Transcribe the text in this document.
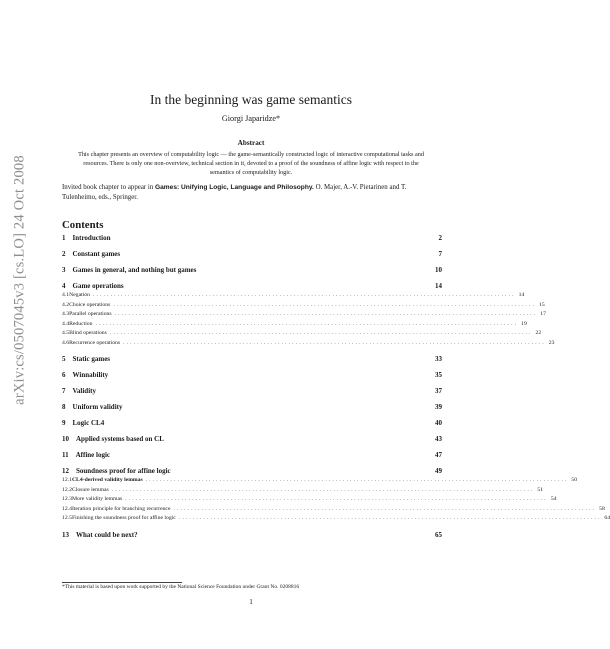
arXiv:cs/0507045v3 [cs.LO] 24 Oct 2008
In the beginning was game semantics
Giorgi Japaridze*
Abstract
This chapter presents an overview of computability logic — the game-semantically constructed logic of interactive computational tasks and resources. There is only one non-overview, technical section in it, devoted to a proof of the soundness of affine logic with respect to the semantics of computability logic.
Invited book chapter to appear in Games: Unifying Logic, Language and Philosophy. O. Majer, A.-V. Pietarinen and T. Tulenheimo, eds., Springer.
Contents
1  Introduction	2
2  Constant games	7
3  Games in general, and nothing but games	10
4  Game operations	14
4.1 Negation ........................................................................................................................ 14
4.2 Choice operations ........................................................................................................................ 15
4.3 Parallel operations ........................................................................................................................ 17
4.4 Reduction ........................................................................................................................ 19
4.5 Blind operations ........................................................................................................................ 22
4.6 Recurrence operations ........................................................................................................................ 23
5  Static games	33
6  Winnability	35
7  Validity	37
8  Uniform validity	39
9  Logic CL4	40
10  Applied systems based on CL	43
11  Affine logic	47
12  Soundness proof for affine logic	49
12.1 CL4-derived validity lemmas ........................................................................................................................ 50
12.2 Closure lemmas ........................................................................................................................ 51
12.3 More validity lemmas ........................................................................................................................ 54
12.4 Iteration principle for branching recurrence ........................................................................................................................ 58
12.5 Finishing the soundness proof for affine logic ........................................................................................................................ 64
13  What could be next?	65
*This material is based upon work supported by the National Science Foundation under Grant No. 0208816
1
